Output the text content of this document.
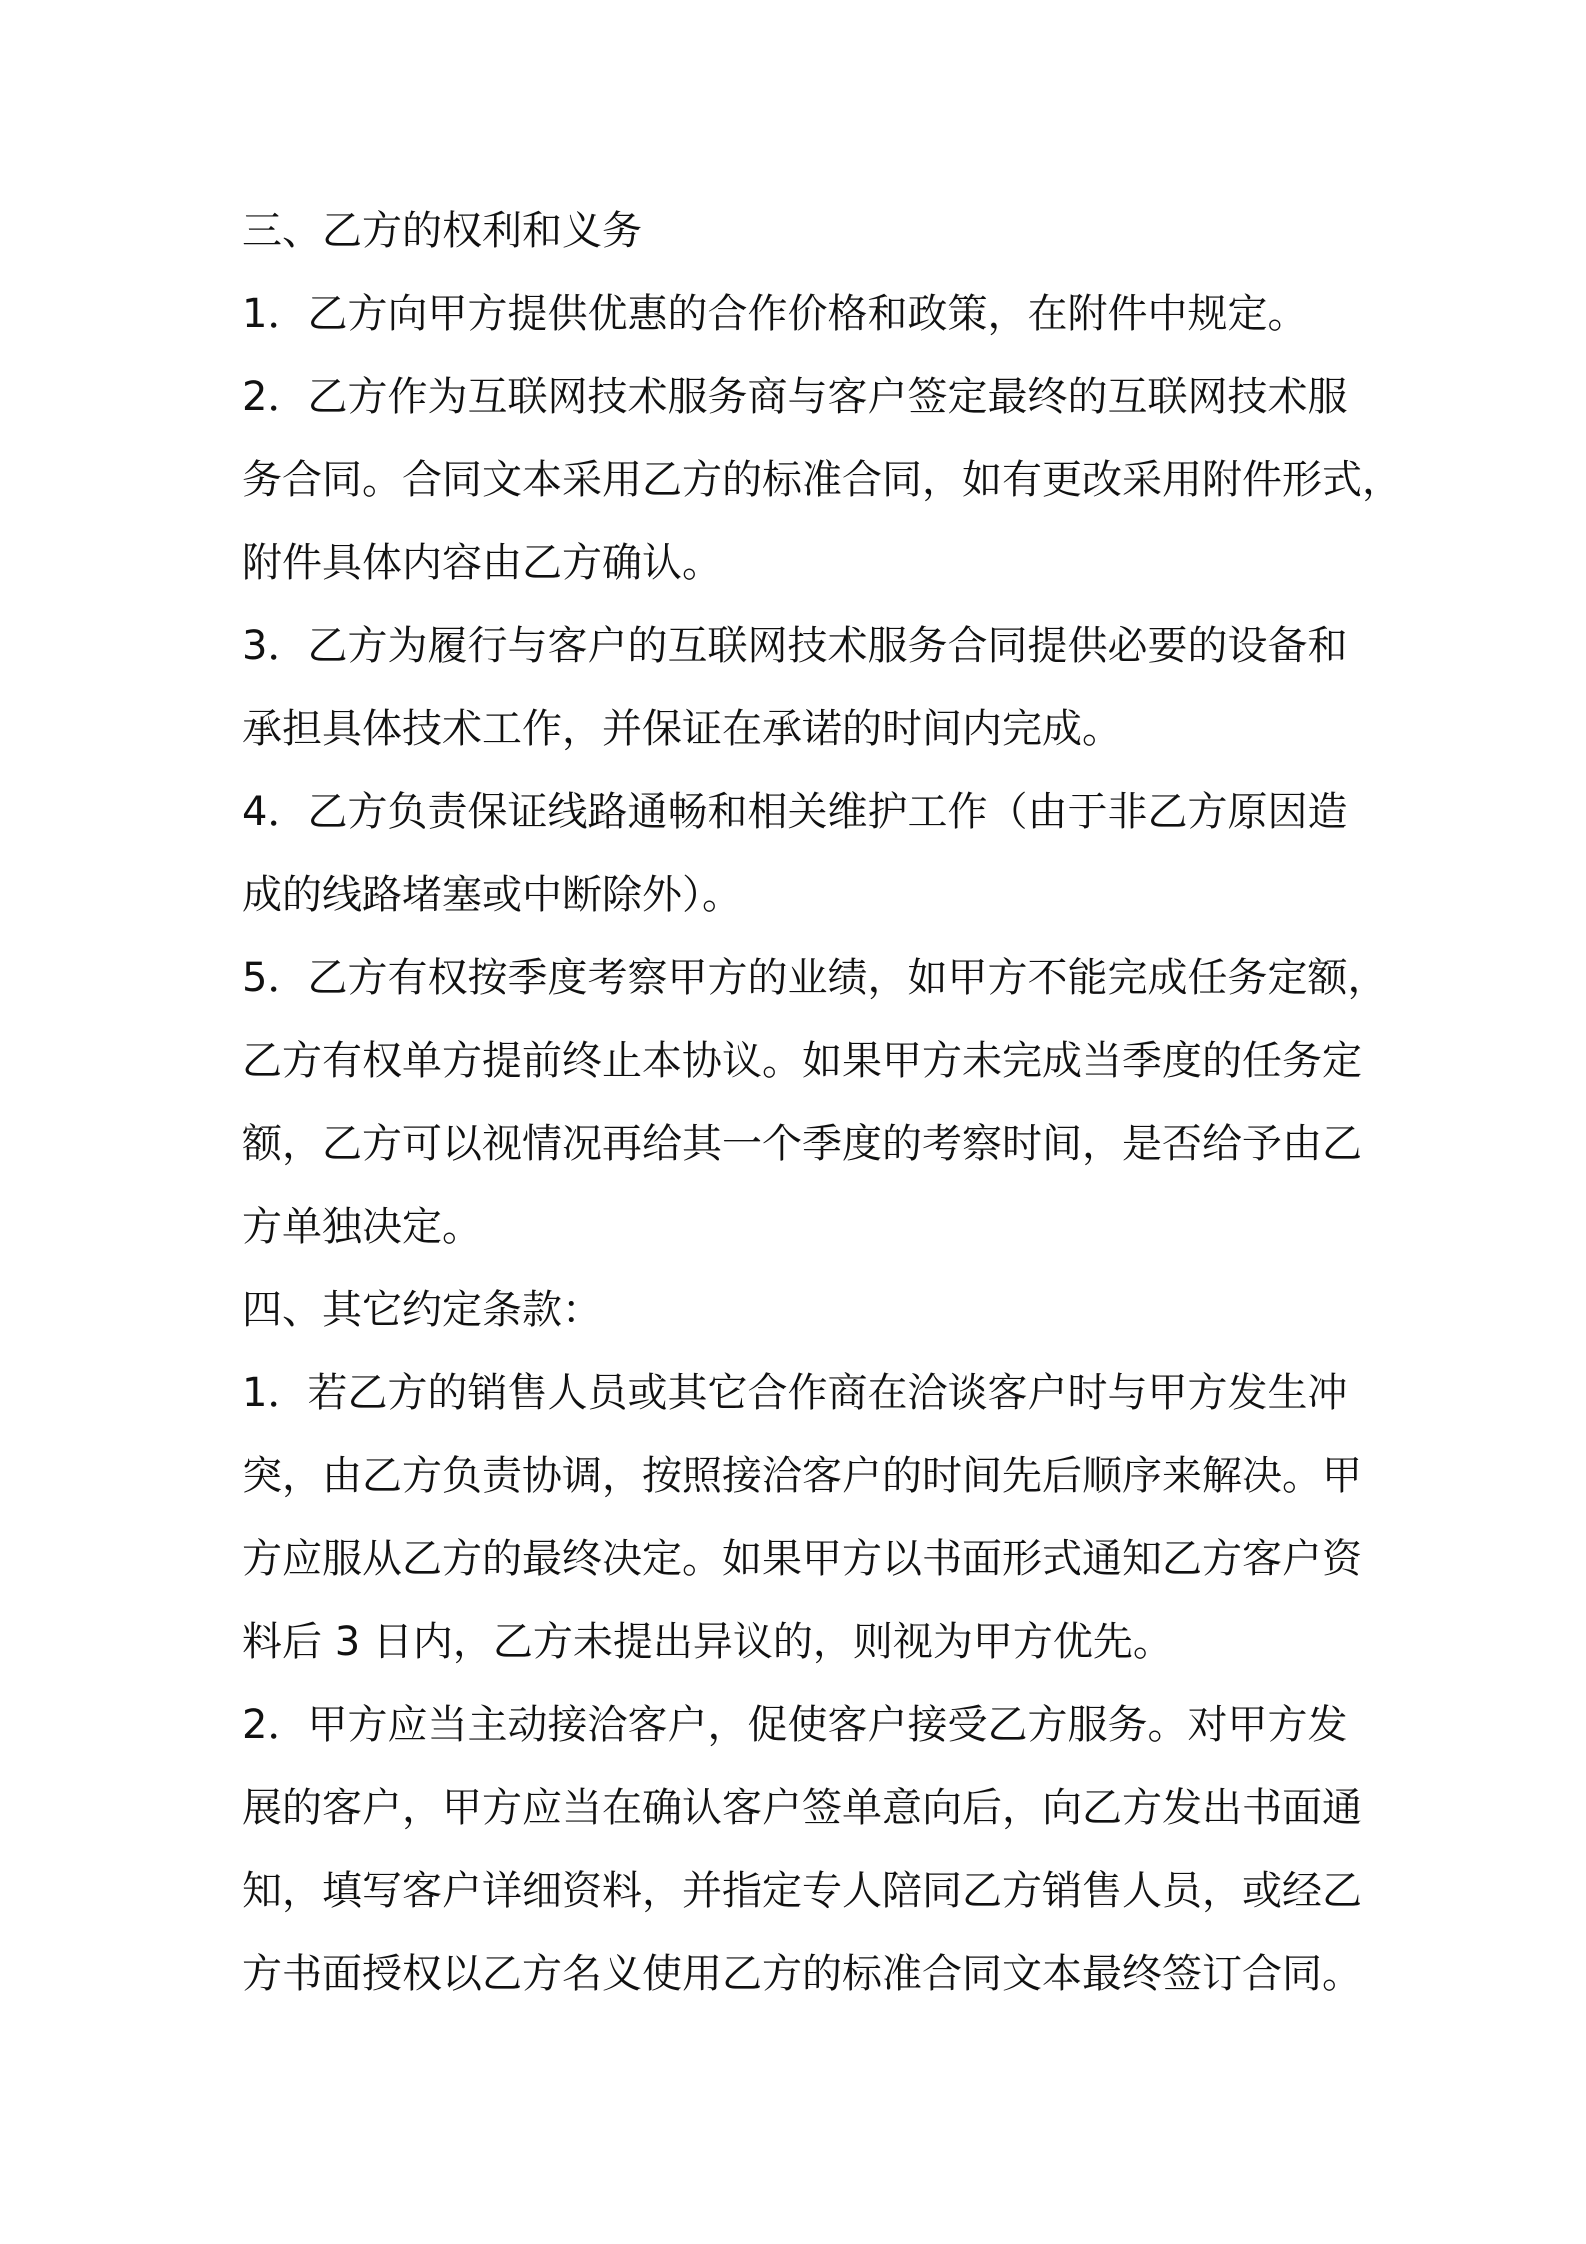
三、乙方的权利和义务

1．乙方向甲方提供优惠的合作价格和政策，在附件中规定。

2．乙方作为互联网技术服务商与客户签定最终的互联网技术服
务合同。合同文本采用乙方的标准合同，如有更改采用附件形式，
附件具体内容由乙方确认。

3．乙方为履行与客户的互联网技术服务合同提供必要的设备和
承担具体技术工作，并保证在承诺的时间内完成。

4．乙方负责保证线路通畅和相关维护工作（由于非乙方原因造
成的线路堵塞或中断除外）。

5．乙方有权按季度考察甲方的业绩，如甲方不能完成任务定额，
乙方有权单方提前终止本协议。如果甲方未完成当季度的任务定
额，乙方可以视情况再给其一个季度的考察时间，是否给予由乙
方单独决定。

四、其它约定条款：

1．若乙方的销售人员或其它合作商在洽谈客户时与甲方发生冲
突，由乙方负责协调，按照接洽客户的时间先后顺序来解决。甲
方应服从乙方的最终决定。如果甲方以书面形式通知乙方客户资
料后 3 日内，乙方未提出异议的，则视为甲方优先。

2．甲方应当主动接洽客户，促使客户接受乙方服务。对甲方发
展的客户，甲方应当在确认客户签单意向后，向乙方发出书面通
知，填写客户详细资料，并指定专人陪同乙方销售人员，或经乙
方书面授权以乙方名义使用乙方的标准合同文本最终签订合同。
